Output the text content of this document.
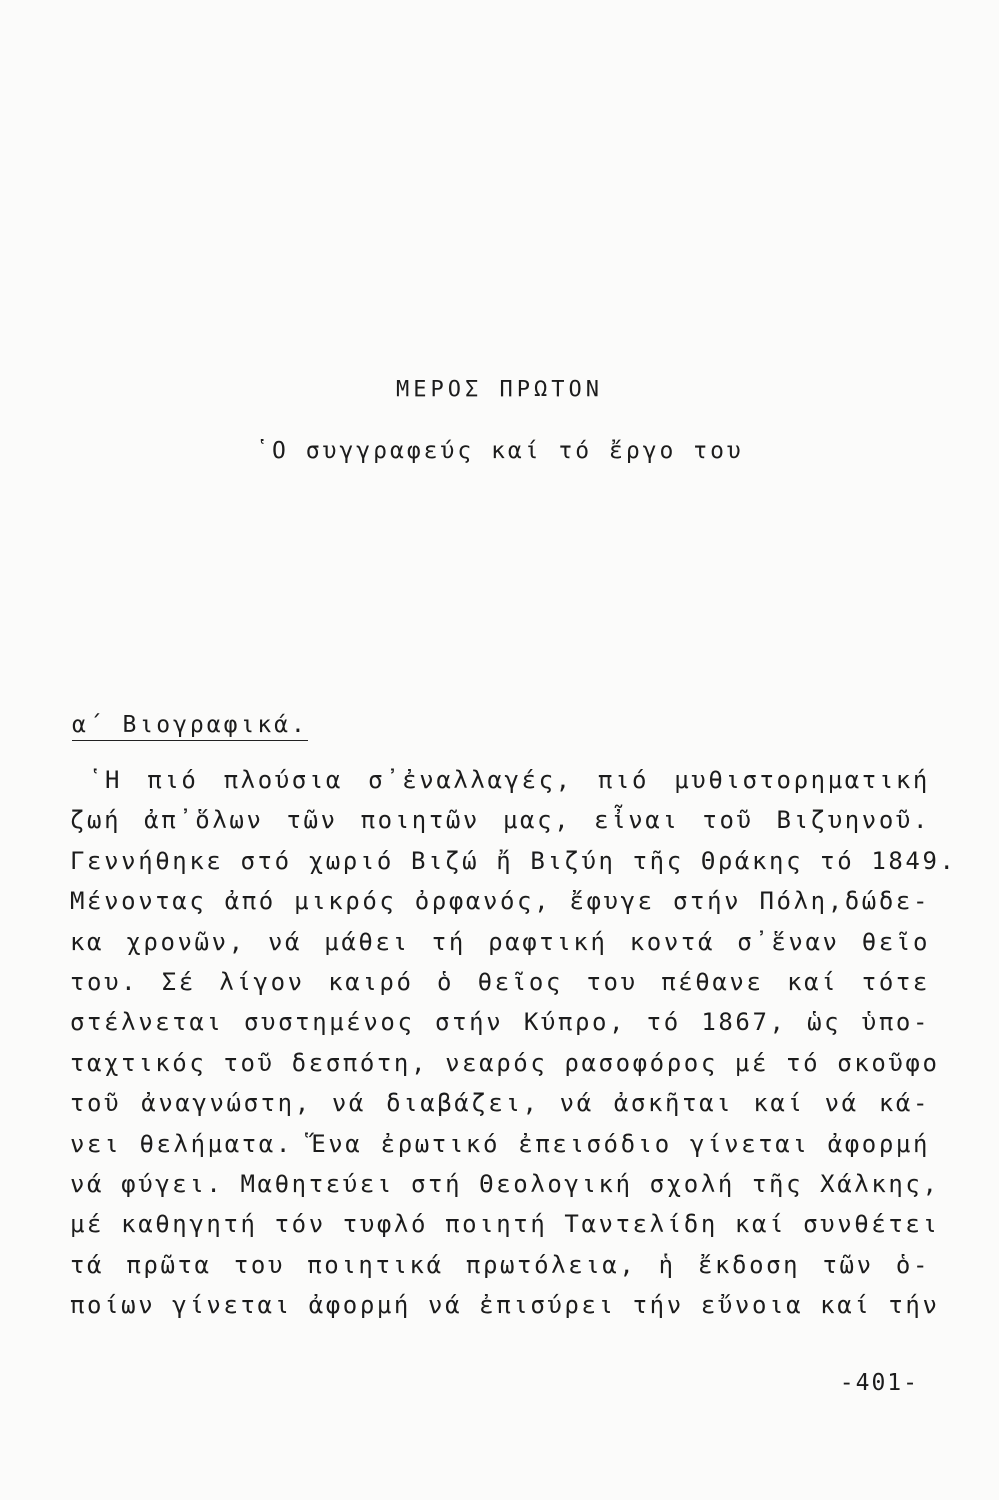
ΜΕΡΟΣ ΠΡΩΤΟΝ
῾Ο συγγραφεύς καί τό ἔργο του
α΄ Βιογραφικά.
῾Η πιό πλούσια σ᾿ἐναλλαγές, πιό μυθιστορηματική
ζωή ἀπ᾿ὅλων τῶν ποιητῶν μας, εἶναι τοῦ Βιζυηνοῦ.
Γεννήθηκε στό χωριό Βιζώ ἤ Βιζύη τῆς Θράκης τό 1849.
Μένοντας ἀπό μικρός ὀρφανός, ἔφυγε στήν Πόλη,δώδε-
κα χρονῶν, νά μάθει τή ραφτική κοντά σ᾿ἕναν θεῖο
του. Σέ λίγον καιρό ὁ θεῖος του πέθανε καί τότε
στέλνεται συστημένος στήν Κύπρο, τό 1867, ὡς ὑπο-
ταχτικός τοῦ δεσπότη, νεαρός ρασοφόρος μέ τό σκοῦφο
τοῦ ἀναγνώστη, νά διαβάζει, νά ἀσκῆται καί νά κά-
νει θελήματα. Ἕνα ἐρωτικό ἐπεισόδιο γίνεται ἀφορμή
νά φύγει. Μαθητεύει στή Θεολογική σχολή τῆς Χάλκης,
μέ καθηγητή τόν τυφλό ποιητή Ταντελίδη καί συνθέτει
τά πρῶτα του ποιητικά πρωτόλεια, ἡ ἔκδοση τῶν ὁ-
ποίων γίνεται ἀφορμή νά ἐπισύρει τήν εὔνοια καί τήν
-401-
